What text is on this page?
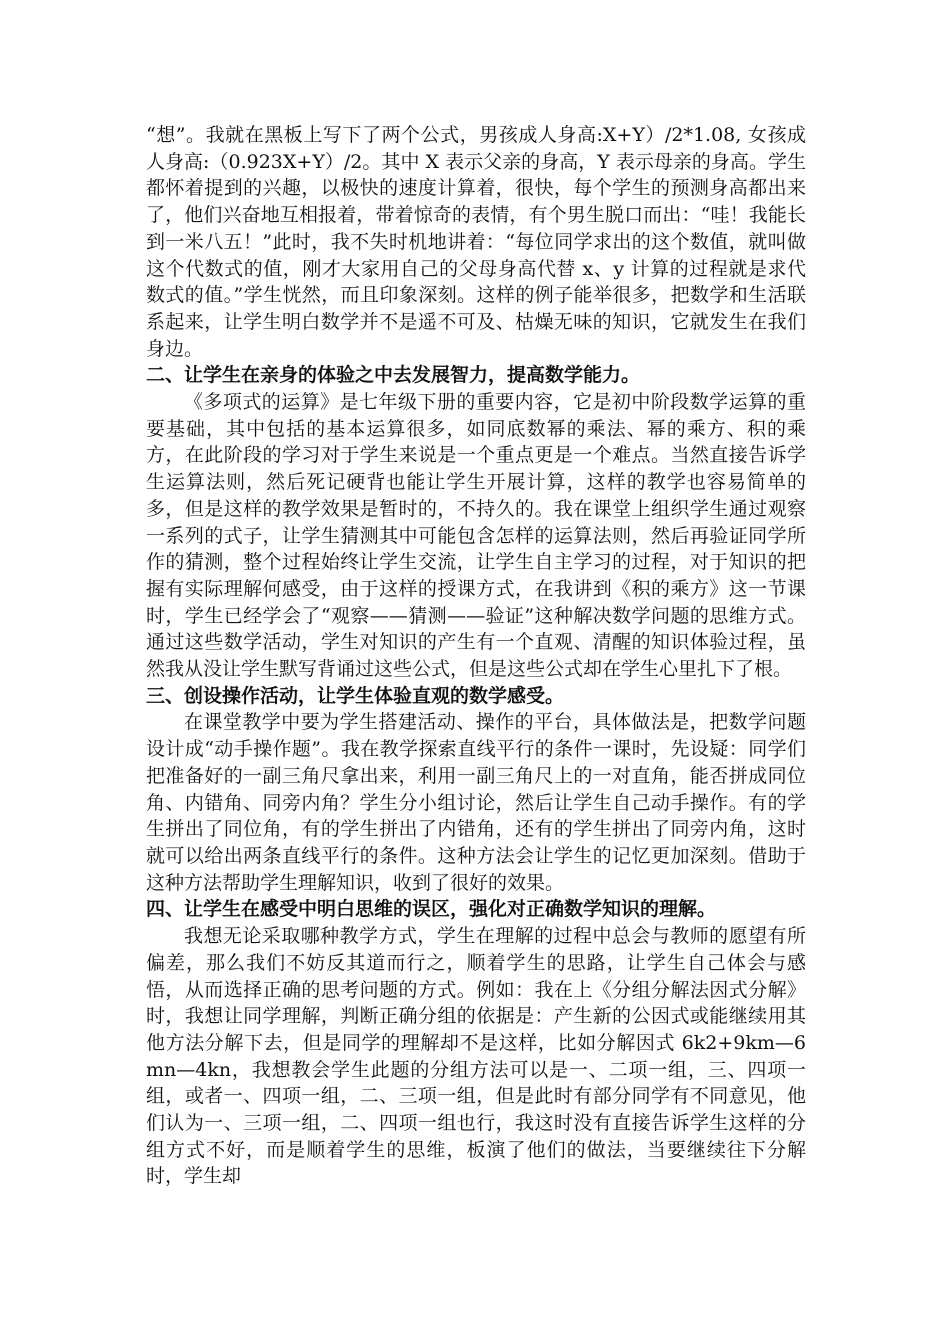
“想”。我就在黑板上写下了两个公式，男孩成人身高:X+Y）/2*1.08, 女孩成人身高:（0.923X+Y）/2。其中 X 表示父亲的身高，Y 表示母亲的身高。学生都怀着提到的兴趣，以极快的速度计算着，很快，每个学生的预测身高都出来了，他们兴奋地互相报着，带着惊奇的表情，有个男生脱口而出：“哇！我能长到一米八五！”此时，我不失时机地讲着：“每位同学求出的这个数值，就叫做这个代数式的值，刚才大家用自己的父母身高代替 x、y 计算的过程就是求代数式的值。”学生恍然，而且印象深刻。这样的例子能举很多，把数学和生活联系起来，让学生明白数学并不是遥不可及、枯燥无味的知识，它就发生在我们身边。

二、让学生在亲身的体验之中去发展智力，提高数学能力。

《多项式的运算》是七年级下册的重要内容，它是初中阶段数学运算的重要基础，其中包括的基本运算很多，如同底数幂的乘法、幂的乘方、积的乘方，在此阶段的学习对于学生来说是一个重点更是一个难点。当然直接告诉学生运算法则，然后死记硬背也能让学生开展计算，这样的教学也容易简单的多，但是这样的教学效果是暂时的，不持久的。我在课堂上组织学生通过观察一系列的式子，让学生猜测其中可能包含怎样的运算法则，然后再验证同学所作的猜测，整个过程始终让学生交流，让学生自主学习的过程，对于知识的把握有实际理解何感受，由于这样的授课方式，在我讲到《积的乘方》这一节课时，学生已经学会了“观察——猜测——验证”这种解决数学问题的思维方式。通过这些数学活动，学生对知识的产生有一个直观、清醒的知识体验过程，虽然我从没让学生默写背诵过这些公式，但是这些公式却在学生心里扎下了根。

三、创设操作活动，让学生体验直观的数学感受。

在课堂教学中要为学生搭建活动、操作的平台，具体做法是，把数学问题设计成“动手操作题”。我在教学探索直线平行的条件一课时，先设疑：同学们把准备好的一副三角尺拿出来，利用一副三角尺上的一对直角，能否拼成同位角、内错角、同旁内角？学生分小组讨论，然后让学生自己动手操作。有的学生拼出了同位角，有的学生拼出了内错角，还有的学生拼出了同旁内角，这时就可以给出两条直线平行的条件。这种方法会让学生的记忆更加深刻。借助于这种方法帮助学生理解知识，收到了很好的效果。

四、让学生在感受中明白思维的误区，强化对正确数学知识的理解。

我想无论采取哪种教学方式，学生在理解的过程中总会与教师的愿望有所偏差，那么我们不妨反其道而行之，顺着学生的思路，让学生自己体会与感悟，从而选择正确的思考问题的方式。例如：我在上《分组分解法因式分解》时，我想让同学理解，判断正确分组的依据是：产生新的公因式或能继续用其他方法分解下去，但是同学的理解却不是这样，比如分解因式 6k2+9km—6mn—4kn，我想教会学生此题的分组方法可以是一、二项一组，三、四项一组，或者一、四项一组，二、三项一组，但是此时有部分同学有不同意见，他们认为一、三项一组，二、四项一组也行，我这时没有直接告诉学生这样的分组方式不好，而是顺着学生的思维，板演了他们的做法，当要继续往下分解时，学生却
